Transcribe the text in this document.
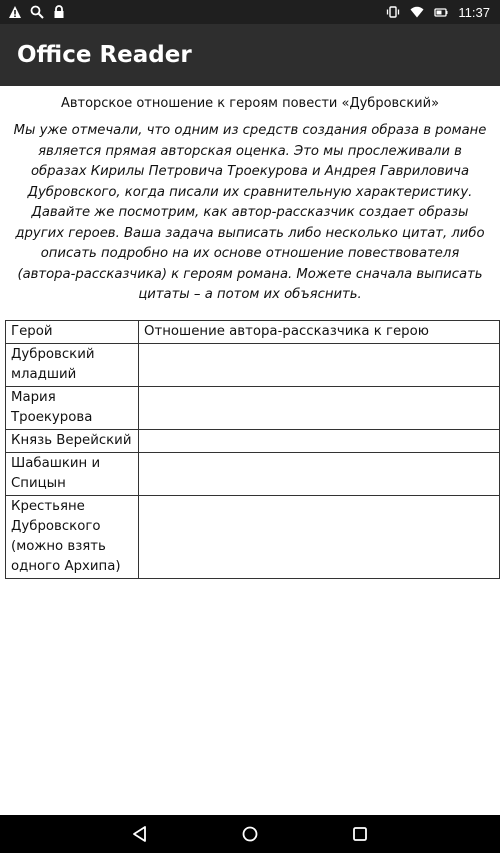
11:37
Office Reader
Авторское отношение к героям повести «Дубровский»
Мы уже отмечали, что одним из средств создания образа в романе является прямая авторская оценка. Это мы прослеживали в образах Кирилы Петровича Троекурова и Андрея Гавриловича Дубровского, когда писали их сравнительную характеристику. Давайте же посмотрим, как автор-рассказчик создает образы других героев. Ваша задача выписать либо несколько цитат, либо описать подробно на их основе отношение повествователя (автора-рассказчика) к героям романа. Можете сначала выписать цитаты – а потом их объяснить.
Герой	Отношение автора-рассказчика к герою
Дубровский младший	
Мария Троекурова	
Князь Верейский	
Шабашкин и Спицын	
Крестьяне Дубровского (можно взять одного Архипа)	
